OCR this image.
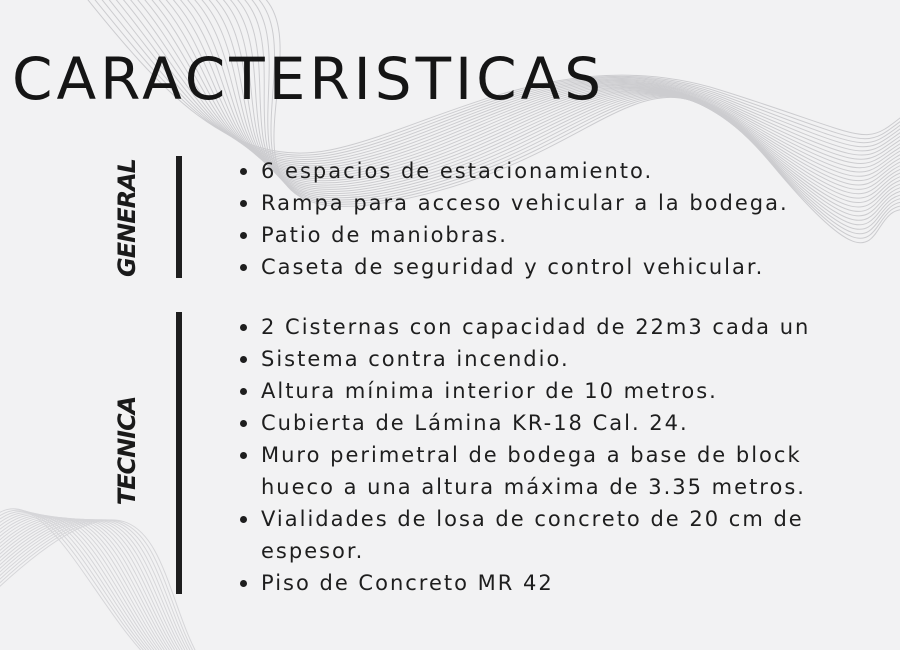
CARACTERISTICAS
GENERAL	6 espacios de estacionamiento.
Rampa para acceso vehicular a la bodega.
Patio de maniobras.
Caseta de seguridad y control vehicular.
TECNICA
2 Cisternas con capacidad de 22m3 cada un
Sistema contra incendio.
Altura mínima interior de 10 metros.
Cubierta de Lámina KR-18 Cal. 24.
Muro perimetral de bodega a base de block
hueco a una altura máxima de 3.35 metros.
Vialidades de losa de concreto de 20 cm de
espesor.
Piso de Concreto MR 42
